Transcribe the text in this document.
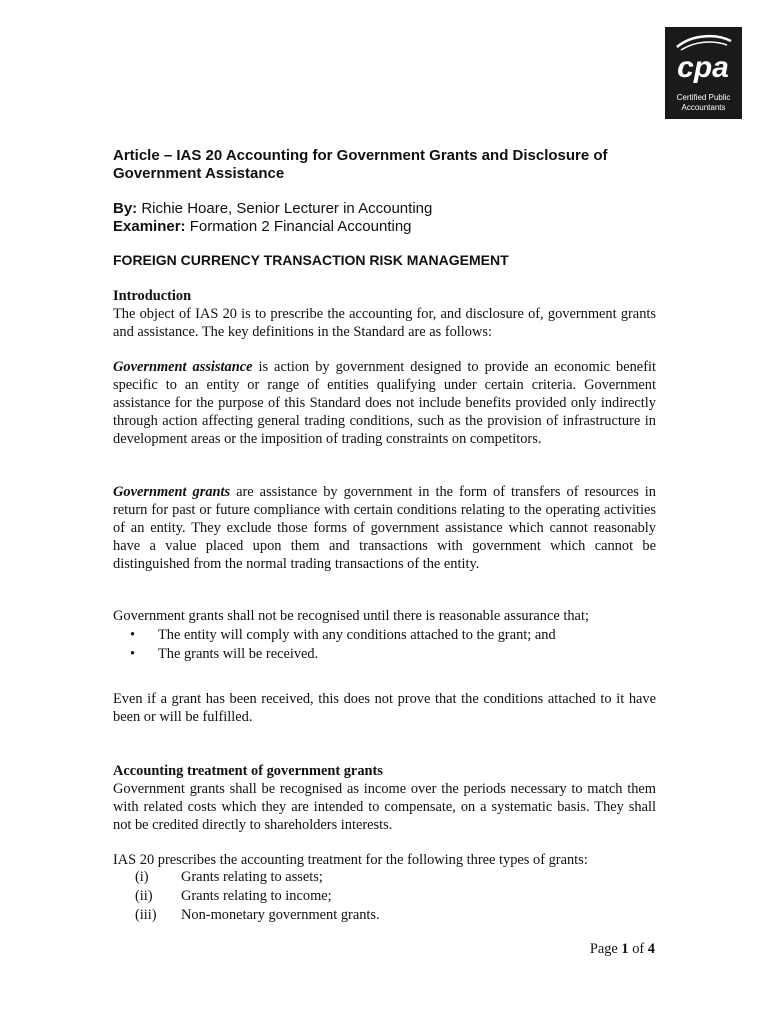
cpa
Certified Public
Accountants
Article – IAS 20 Accounting for Government Grants and Disclosure of Government Assistance
By: Richie Hoare, Senior Lecturer in Accounting
Examiner: Formation 2 Financial Accounting
FOREIGN CURRENCY TRANSACTION RISK MANAGEMENT
Introduction
The object of IAS 20 is to prescribe the accounting for, and disclosure of, government grants and assistance. The key definitions in the Standard are as follows:
Government assistance is action by government designed to provide an economic benefit specific to an entity or range of entities qualifying under certain criteria. Government assistance for the purpose of this Standard does not include benefits provided only indirectly through action affecting general trading conditions, such as the provision of infrastructure in development areas or the imposition of trading constraints on competitors.
Government grants are assistance by government in the form of transfers of resources in return for past or future compliance with certain conditions relating to the operating activities of an entity. They exclude those forms of government assistance which cannot reasonably have a value placed upon them and transactions with government which cannot be distinguished from the normal trading transactions of the entity.
Government grants shall not be recognised until there is reasonable assurance that;
•	The entity will comply with any conditions attached to the grant; and
•	The grants will be received.
Even if a grant has been received, this does not prove that the conditions attached to it have been or will be fulfilled.
Accounting treatment of government grants
Government grants shall be recognised as income over the periods necessary to match them with related costs which they are intended to compensate, on a systematic basis. They shall not be credited directly to shareholders interests.
IAS 20 prescribes the accounting treatment for the following three types of grants:
(i)	Grants relating to assets;
(ii)	Grants relating to income;
(iii)	Non-monetary government grants.
Page 1 of 4
